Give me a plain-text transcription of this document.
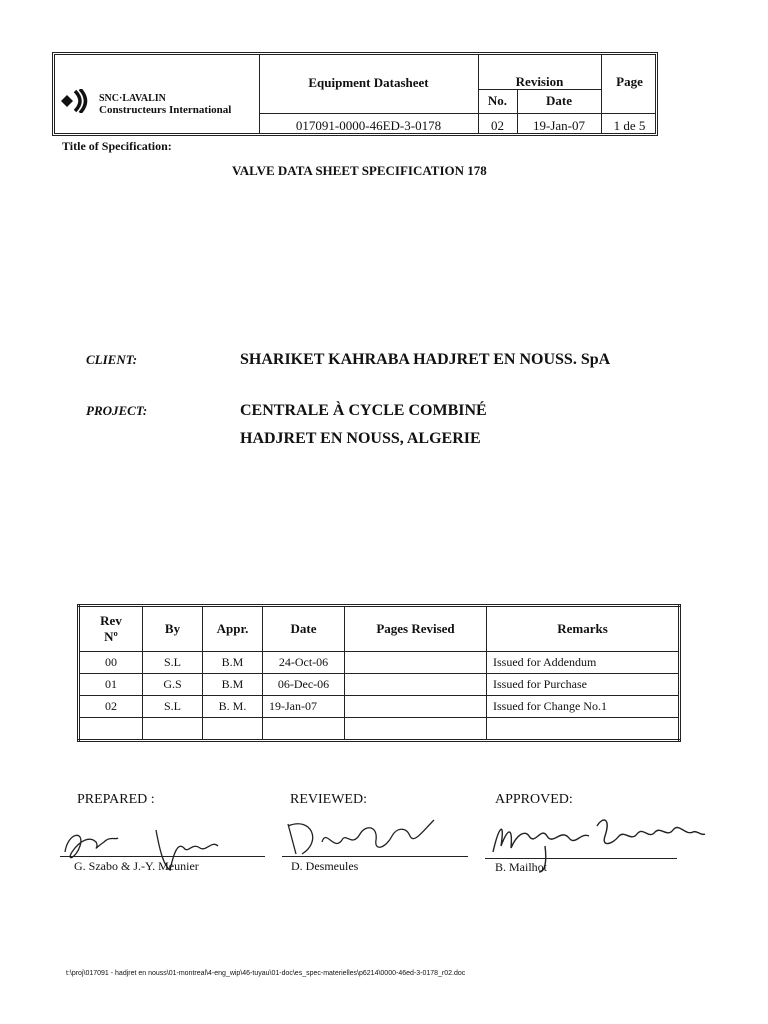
SNC·LAVALIN
Constructeurs International
Equipment Datasheet	Revision	Page
No.	Date
017091-0000-46ED-3-0178	02	19-Jan-07	1 de 5
Title of Specification:
VALVE DATA SHEET SPECIFICATION 178
CLIENT:	SHARIKET KAHRABA HADJRET EN NOUSS. SpA
PROJECT:	CENTRALE À CYCLE COMBINÉ
HADJRET EN NOUSS, ALGERIE
Rev
Nº	By	Appr.	Date	Pages Revised	Remarks
00	S.L	B.M	24-Oct-06		Issued for Addendum
01	G.S	B.M	06-Dec-06		Issued for Purchase
02	S.L	B. M.	19-Jan-07		Issued for Change No.1

PREPARED :	REVIEWED:	APPROVED:
G. Szabo & J.-Y. Meunier	D. Desmeules	B. Mailhot
t:\proj\017091 - hadjret en nouss\01-montreal\4-eng_wip\46-tuyau\01-doc\es_spec-materielles\p6214\0000-46ed-3-0178_r02.doc
